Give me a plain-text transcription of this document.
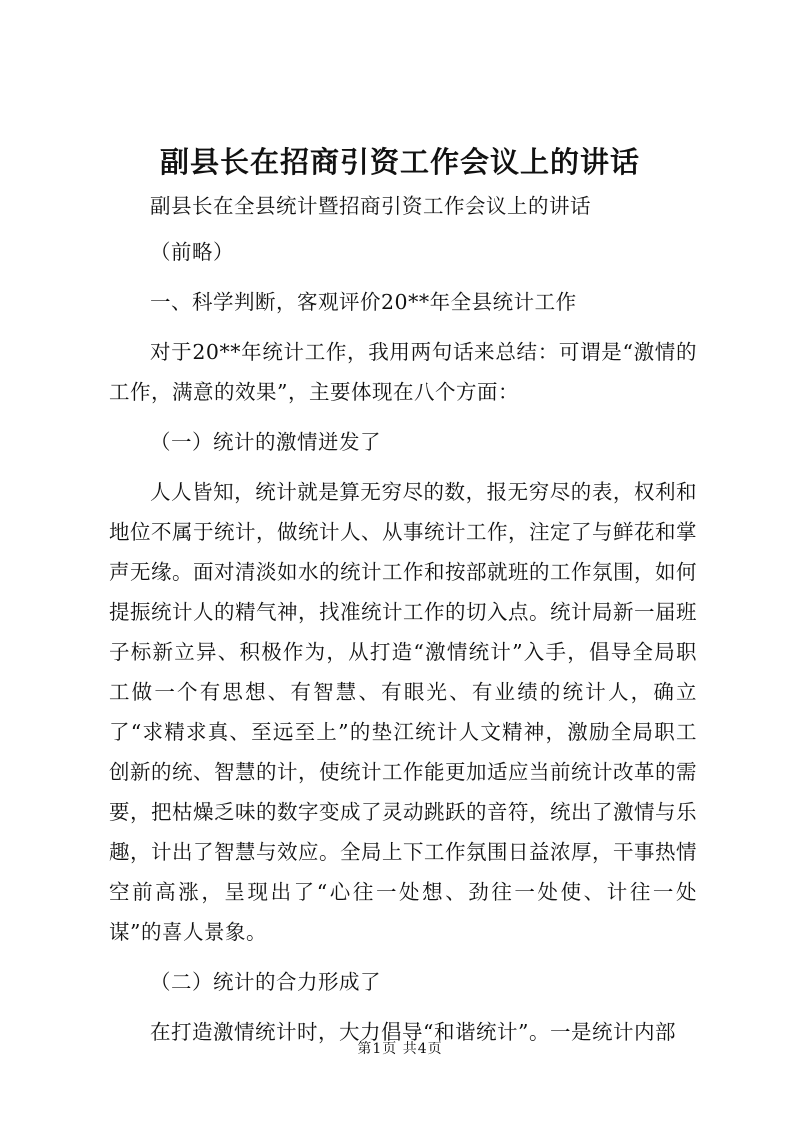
副县长在招商引资工作会议上的讲话

副县长在全县统计暨招商引资工作会议上的讲话

（前略）

一、科学判断，客观评价20**年全县统计工作

对于20**年统计工作，我用两句话来总结：可谓是“激情的工作，满意的效果”，主要体现在八个方面：

（一）统计的激情迸发了

人人皆知，统计就是算无穷尽的数，报无穷尽的表，权利和地位不属于统计，做统计人、从事统计工作，注定了与鲜花和掌声无缘。面对清淡如水的统计工作和按部就班的工作氛围，如何提振统计人的精气神，找准统计工作的切入点。统计局新一届班子标新立异、积极作为，从打造“激情统计”入手，倡导全局职工做一个有思想、有智慧、有眼光、有业绩的统计人，确立了“求精求真、至远至上”的垫江统计人文精神，激励全局职工创新的统、智慧的计，使统计工作能更加适应当前统计改革的需要，把枯燥乏味的数字变成了灵动跳跃的音符，统出了激情与乐趣，计出了智慧与效应。全局上下工作氛围日益浓厚，干事热情空前高涨，呈现出了“心往一处想、劲往一处使、计往一处谋”的喜人景象。

（二）统计的合力形成了

在打造激情统计时，大力倡导“和谐统计”。一是统计内部

第1页 共4页
